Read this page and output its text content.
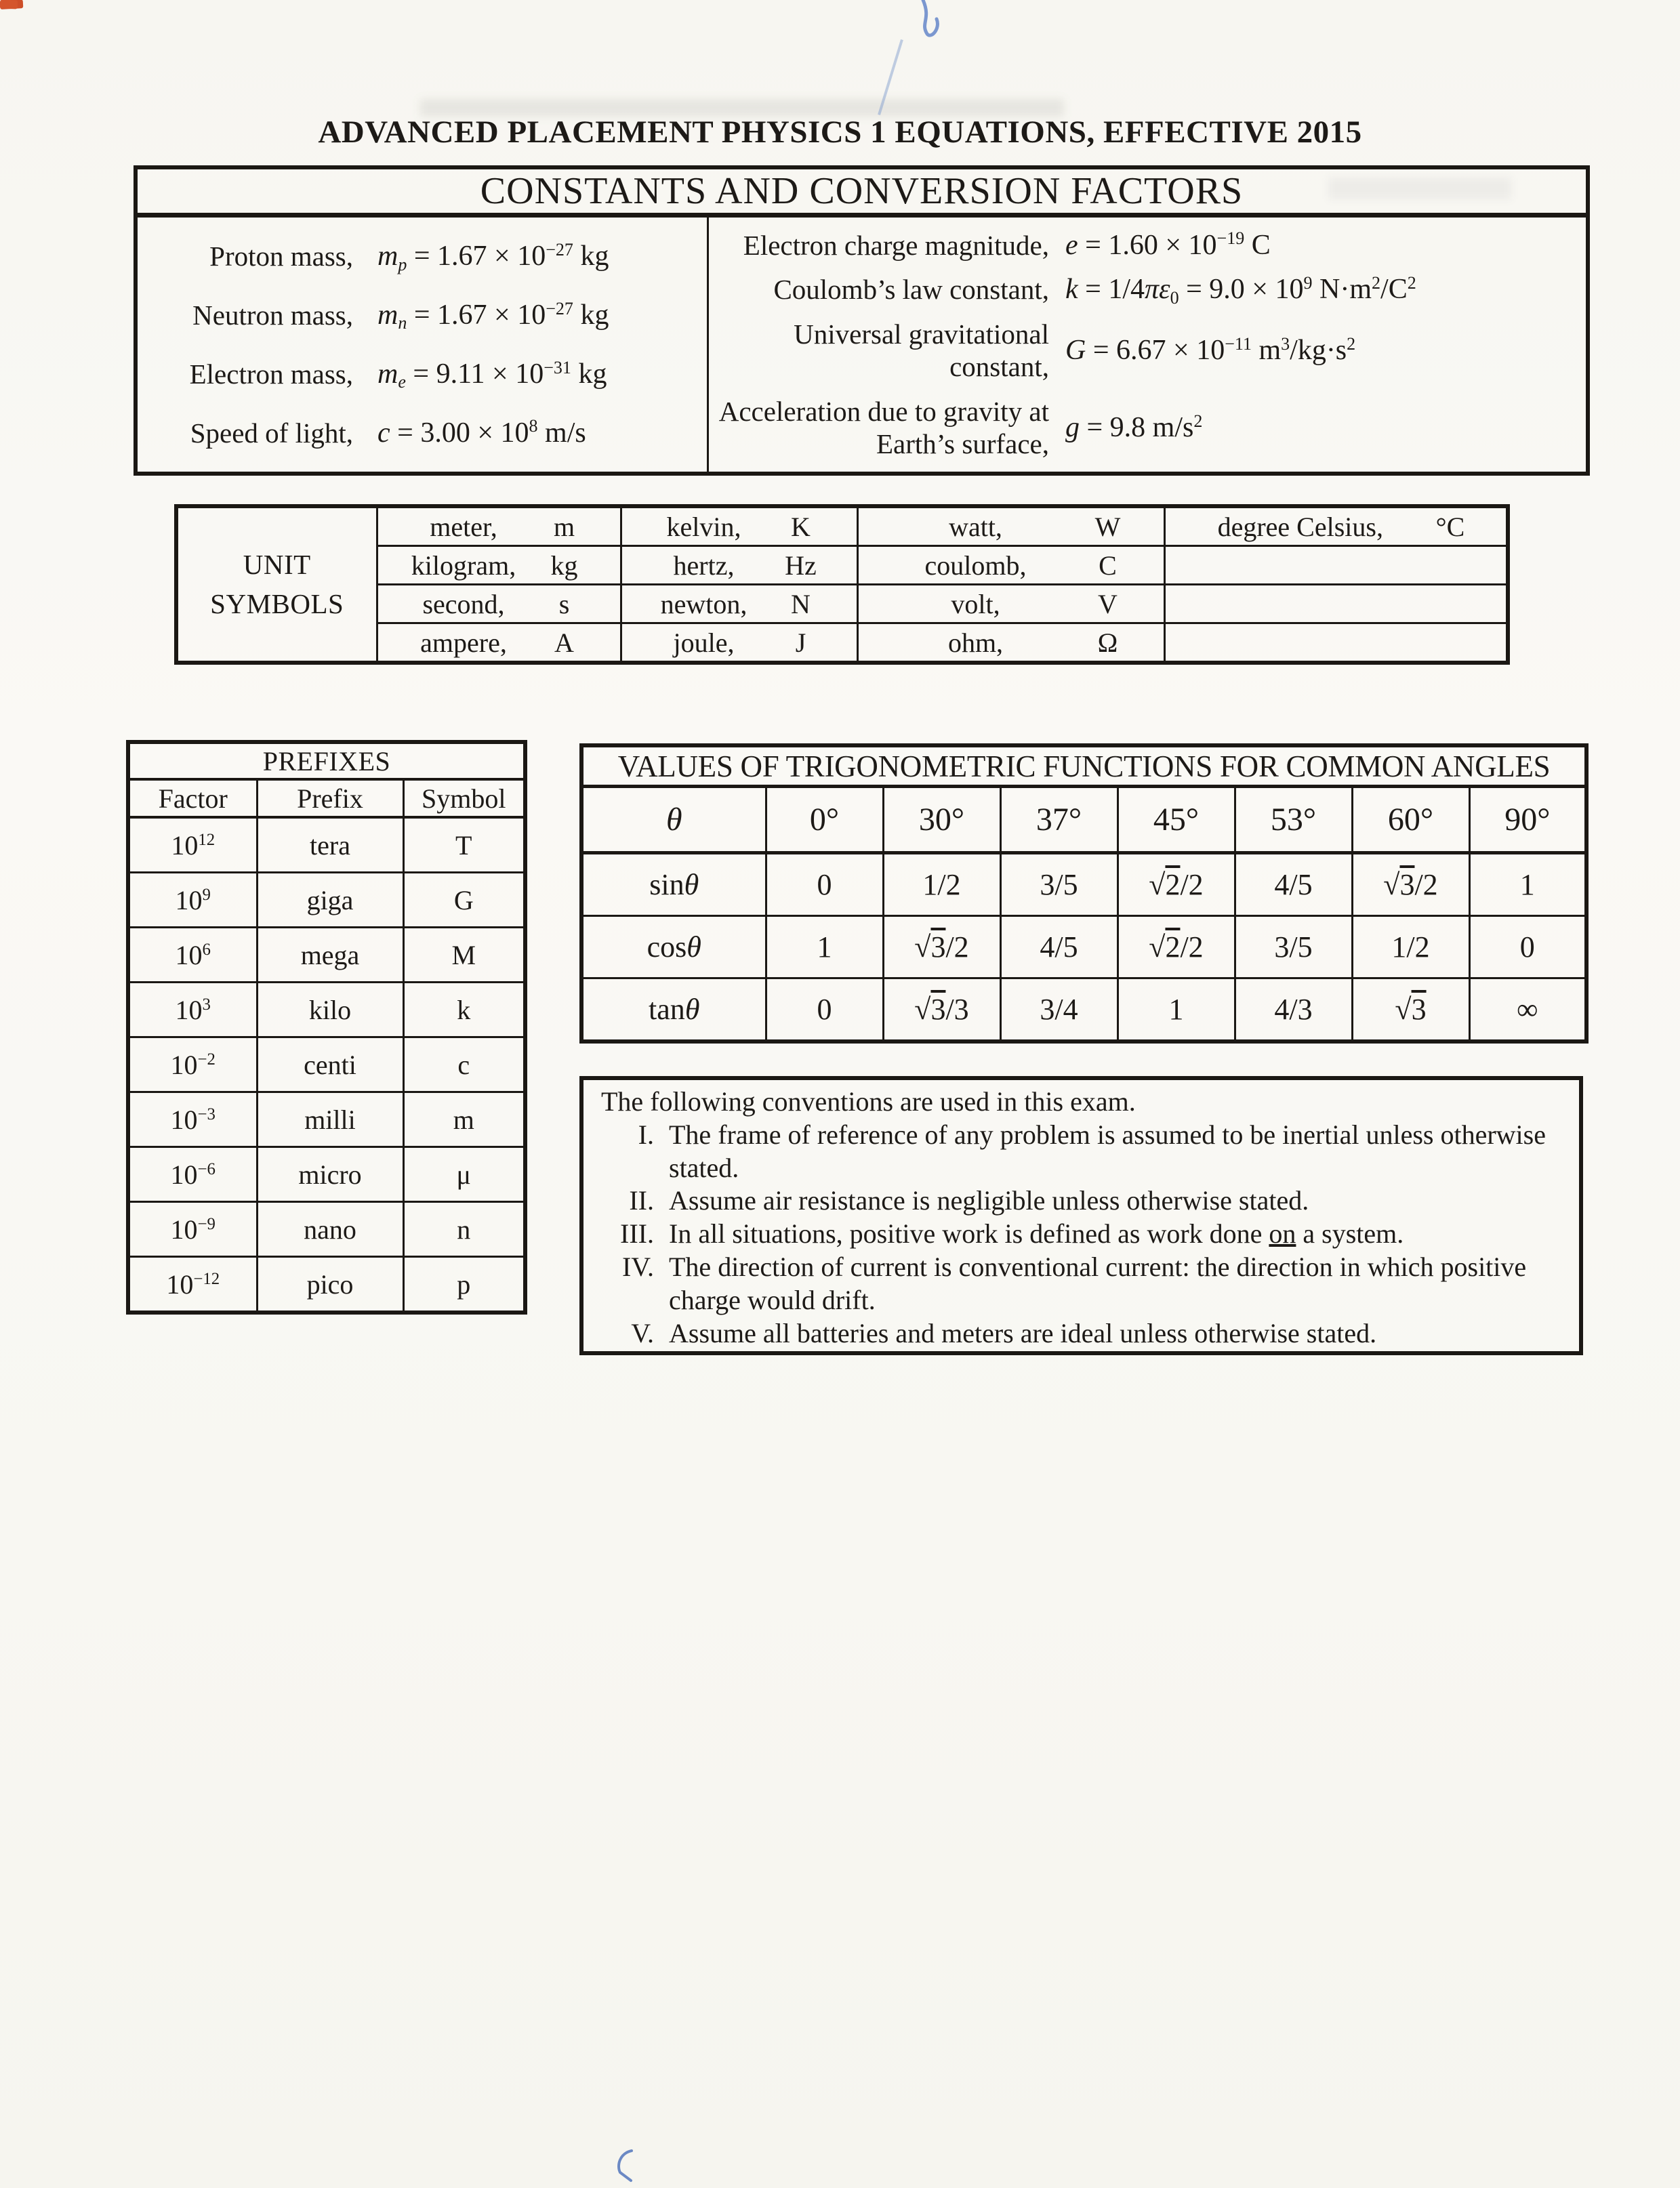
ADVANCED PLACEMENT PHYSICS 1 EQUATIONS, EFFECTIVE 2015
CONSTANTS AND CONVERSION FACTORS
Proton mass, $m_p = 1.67 \times 10^{-27}$ kg
Neutron mass, $m_n = 1.67 \times 10^{-27}$ kg
Electron mass, $m_e = 9.11 \times 10^{-31}$ kg
Speed of light, $c = 3.00 \times 10^8$ m/s
Electron charge magnitude, $e = 1.60 \times 10^{-19}$ C
Coulomb’s law constant, $k = 1/4\pi\varepsilon_0 = 9.0 \times 10^9$ $N\cdot m^2/C^2$
Universal gravitational constant,
$G = 6.67 \times 10^{-11}$ $m^3/kg\cdot s^2$
Acceleration due to gravity at Earth’s surface,
g = 9.8 $m/s^2$
UNIT SYMBOLS	meter, m	kelvin, K	watt, W	degree Celsius, °C

	kilogram, kg	hertz, Hz	coulomb, C	

	second, s	newton, N	volt, V	

	ampere, A	joule, J	ohm, Ω	

PREFIXES		
Factor	Prefix	Symbol
$10^{12}$	tera	T
$10^9$	giga	G
$10^6$	mega	M
$10^3$	kilo	k
$10^{-2}$	centi	c
$10^{-3}$	milli	m
$10^{-6}$	micro	μ
$10^{-9}$	nano	n
$10^{-12}$	pico	p
VALUES OF TRIGONOMETRIC FUNCTIONS FOR COMMON ANGLES							
θ	0°	30°	37°	45°	53°	60°	90°
sinθ	0	1/2	3/5	√2/2	4/5	√3/2	1
cosθ	1	√3/2	4/5	√2/2	3/5	1/2	0
tanθ	0	√3/3	3/4	1	4/3	√3	∞
The following conventions are used in this exam.
I. The frame of reference of any problem is assumed to be inertial unless otherwise stated.
II. Assume air resistance is negligible unless otherwise stated.
III. In all situations, positive work is defined as work done on a system.
IV. The direction of current is conventional current: the direction in which positive charge would drift.
V. Assume all batteries and meters are ideal unless otherwise stated.
